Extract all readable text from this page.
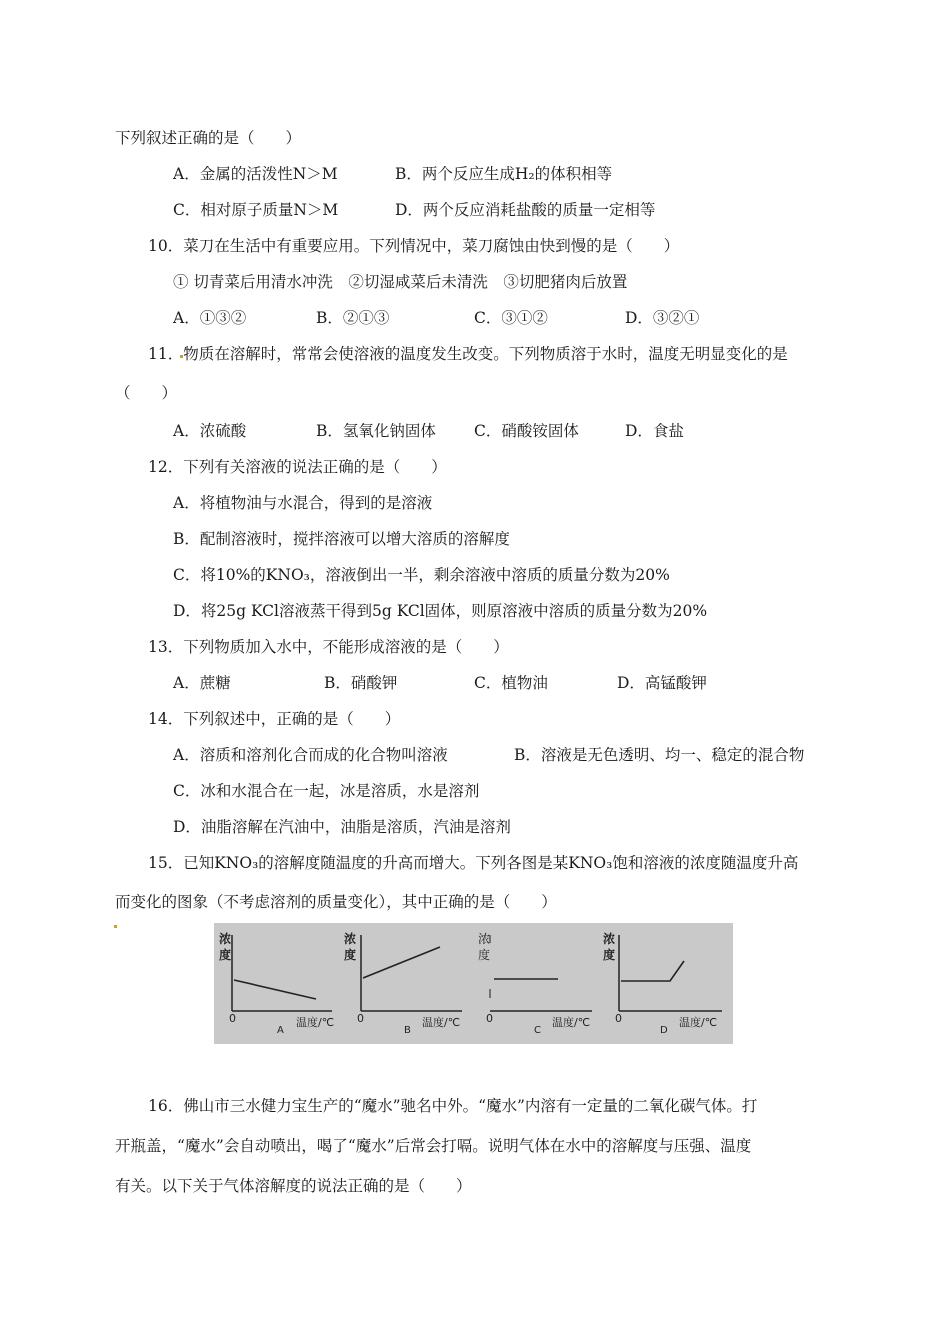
下列叙述正确的是（　　）
A．金属的活泼性N＞M	B．两个反应生成H₂的体积相等
C．相对原子质量N＞M	D．两个反应消耗盐酸的质量一定相等
10．菜刀在生活中有重要应用。下列情况中，菜刀腐蚀由快到慢的是（　　）
① 切青菜后用清水冲洗　②切湿咸菜后未清洗　③切肥猪肉后放置
A．①③②	B．②①③	C．③①②	D．③②①
11．物质在溶解时，常常会使溶液的温度发生改变。下列物质溶于水时，温度无明显变化的是
（　　）
A．浓硫酸	B．氢氧化钠固体 C．硝酸铵固体	D．食盐
12．下列有关溶液的说法正确的是（　　）
A．将植物油与水混合，得到的是溶液
B．配制溶液时，搅拌溶液可以增大溶质的溶解度
C．将10%的KNO₃，溶液倒出一半，剩余溶液中溶质的质量分数为20%
D．将25g KCl溶液蒸干得到5g KCl固体，则原溶液中溶质的质量分数为20%
13．下列物质加入水中，不能形成溶液的是（　　）
A．蔗糖	B．硝酸钾	C．植物油	D．高锰酸钾
14．下列叙述中，正确的是（　　）
A．溶质和溶剂化合而成的化合物叫溶液	B．溶液是无色透明、均一、稳定的混合物
C．冰和水混合在一起，冰是溶质，水是溶剂
D．油脂溶解在汽油中，油脂是溶质，汽油是溶剂
15．已知KNO₃的溶解度随温度的升高而增大。下列各图是某KNO₃饱和溶液的浓度随温度升高
而变化的图象（不考虑溶剂的质量变化），其中正确的是（　　）
浓
度
0	温度/℃
A
浓
度
0	温度/℃
B
浓
度
0	温度/℃
C
浓
度
0	温度/℃
D
16．佛山市三水健力宝生产的“魔水”驰名中外。“魔水”内溶有一定量的二氧化碳气体。打
开瓶盖，“魔水”会自动喷出，喝了“魔水”后常会打嗝。说明气体在水中的溶解度与压强、温度
有关。以下关于气体溶解度的说法正确的是（　　）
